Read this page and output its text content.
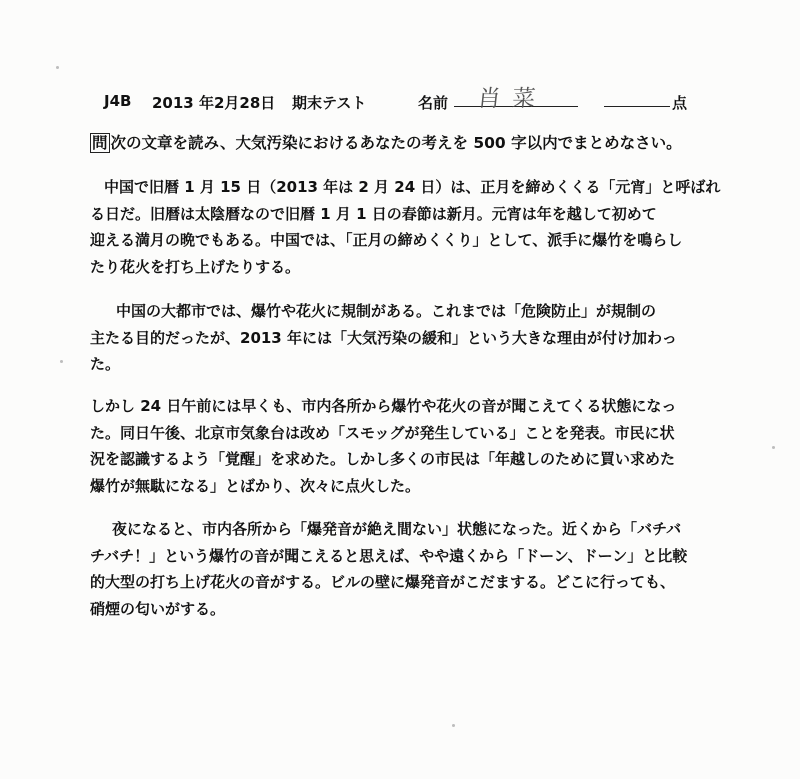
J4B 2013 年2月28日 期末テスト	名前 肖 菜	点
問 次の文章を読み、大気汚染におけるあなたの考えを 500 字以内でまとめなさい。

中国で旧暦 1 月 15 日（2013 年は 2 月 24 日）は、正月を締めくくる「元宵」と呼ばれ
る日だ。旧暦は太陰暦なので旧暦 1 月 1 日の春節は新月。元宵は年を越して初めて
迎える満月の晩でもある。中国では、「正月の締めくくり」として、派手に爆竹を鳴らし
たり花火を打ち上げたりする。

中国の大都市では、爆竹や花火に規制がある。これまでは「危険防止」が規制の
主たる目的だったが、2013 年には「大気汚染の緩和」という大きな理由が付け加わっ
た。

しかし 24 日午前には早くも、市内各所から爆竹や花火の音が聞こえてくる状態になっ
た。同日午後、北京市気象台は改め「スモッグが発生している」ことを発表。市民に状
況を認識するよう「覚醒」を求めた。しかし多くの市民は「年越しのために買い求めた
爆竹が無駄になる」とばかり、次々に点火した。

夜になると、市内各所から「爆発音が絶え間ない」状態になった。近くから「バチバ
チバチ！」という爆竹の音が聞こえると思えば、やや遠くから「ドーン、ドーン」と比較
的大型の打ち上げ花火の音がする。ビルの壁に爆発音がこだまする。どこに行っても、
硝煙の匂いがする。
